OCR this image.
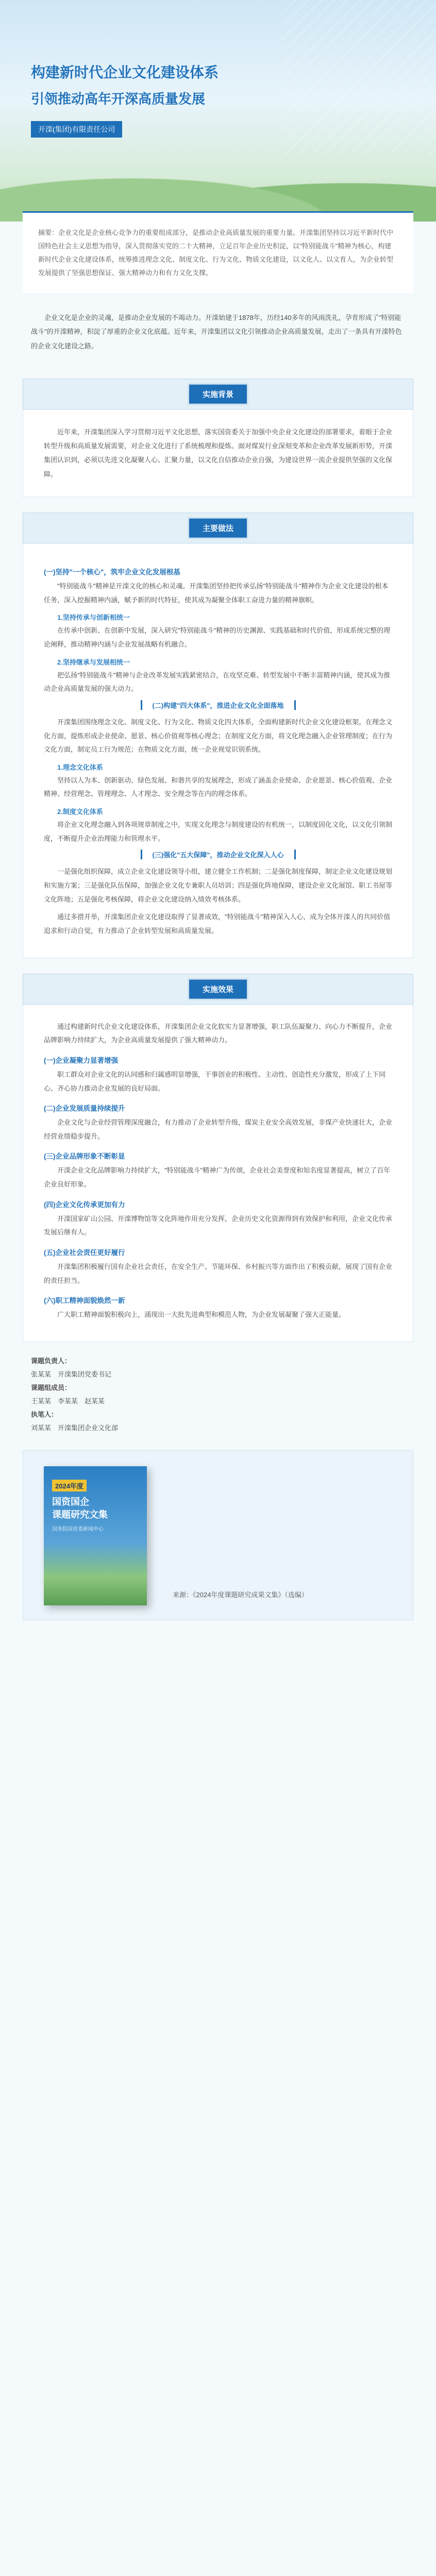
构建新时代企业文化建设体系
引领推动高年开深高质量发展
开滦(集团)有限责任公司
摘要：企业文化是企业核心竞争力的重要组成部分，是推动企业高质量发展的重要力量。开滦集团坚持以习近平新时代中国特色社会主义思想为指导，深入贯彻落实党的二十大精神，立足百年企业历史积淀，以"特别能战斗"精神为核心，构建新时代企业文化建设体系，统筹推进理念文化、制度文化、行为文化、物质文化建设，以文化人、以文育人，为企业转型发展提供了坚强思想保证、强大精神动力和有力文化支撑。
企业文化是企业的灵魂，是推动企业发展的不竭动力。开滦始建于1878年，历经140多年的风雨洗礼，孕育形成了"特别能战斗"的开滦精神，积淀了厚重的企业文化底蕴。近年来，开滦集团以文化引领推动企业高质量发展，走出了一条具有开滦特色的企业文化建设之路。
实施背景
近年来，开滦集团深入学习贯彻习近平文化思想，落实国资委关于加强中央企业文化建设的部署要求，着眼于企业转型升级和高质量发展需要，对企业文化进行了系统梳理和提炼。面对煤炭行业深刻变革和企业改革发展新形势，开滦集团认识到，必须以先进文化凝聚人心、汇聚力量，以文化自信推动企业自强，为建设世界一流企业提供坚强的文化保障。
主要做法
(一)坚持"一个核心"，筑牢企业文化发展根基

"特别能战斗"精神是开滦文化的核心和灵魂。开滦集团坚持把传承弘扬"特别能战斗"精神作为企业文化建设的根本任务，深入挖掘精神内涵，赋予新的时代特征，使其成为凝聚全体职工奋进力量的精神旗帜。

1.坚持传承与创新相统一

在传承中创新、在创新中发展，深入研究"特别能战斗"精神的历史渊源、实践基础和时代价值，形成系统完整的理论阐释，推动精神内涵与企业发展战略有机融合。

2.坚持继承与发展相统一

把弘扬"特别能战斗"精神与企业改革发展实践紧密结合，在攻坚克难、转型发展中不断丰富精神内涵，使其成为推动企业高质量发展的强大动力。

(二)构建"四大体系"，推进企业文化全面落地

开滦集团围绕理念文化、制度文化、行为文化、物质文化四大体系，全面构建新时代企业文化建设框架。在理念文化方面，提炼形成企业使命、愿景、核心价值观等核心理念；在制度文化方面，将文化理念融入企业管理制度；在行为文化方面，制定员工行为规范；在物质文化方面，统一企业视觉识别系统。

1.理念文化体系

坚持以人为本、创新驱动、绿色发展、和谐共享的发展理念，形成了涵盖企业使命、企业愿景、核心价值观、企业精神、经营理念、管理理念、人才理念、安全理念等在内的理念体系。

2.制度文化体系

将企业文化理念融入到各项规章制度之中，实现文化理念与制度建设的有机统一，以制度固化文化，以文化引领制度，不断提升企业治理能力和管理水平。

(三)强化"五大保障"，推动企业文化深入人心

一是强化组织保障，成立企业文化建设领导小组，建立健全工作机制；二是强化制度保障，制定企业文化建设规划和实施方案；三是强化队伍保障，加强企业文化专兼职人员培训；四是强化阵地保障，建设企业文化展馆、职工书屋等文化阵地；五是强化考核保障，将企业文化建设纳入绩效考核体系。

通过多措并举，开滦集团企业文化建设取得了显著成效，"特别能战斗"精神深入人心，成为全体开滦人的共同价值追求和行动自觉，有力推动了企业转型发展和高质量发展。

实施效果

通过构建新时代企业文化建设体系，开滦集团企业文化软实力显著增强，职工队伍凝聚力、向心力不断提升，企业品牌影响力持续扩大，为企业高质量发展提供了强大精神动力。

(一)企业凝聚力显著增强

职工群众对企业文化的认同感和归属感明显增强，干事创业的积极性、主动性、创造性充分激发，形成了上下同心、齐心协力推动企业发展的良好局面。

(二)企业发展质量持续提升

企业文化与企业经营管理深度融合，有力推动了企业转型升级，煤炭主业安全高效发展，非煤产业快速壮大，企业经营业绩稳步提升。

(三)企业品牌形象不断彰显

开滦企业文化品牌影响力持续扩大，"特别能战斗"精神广为传颂，企业社会美誉度和知名度显著提高，树立了百年企业良好形象。

(四)企业文化传承更加有力

开滦国家矿山公园、开滦博物馆等文化阵地作用充分发挥，企业历史文化资源得到有效保护和利用，企业文化传承发展后继有人。

(五)企业社会责任更好履行

开滦集团积极履行国有企业社会责任，在安全生产、节能环保、乡村振兴等方面作出了积极贡献，展现了国有企业的责任担当。

(六)职工精神面貌焕然一新

广大职工精神面貌积极向上，涌现出一大批先进典型和模范人物，为企业发展凝聚了强大正能量。

课题负责人：
张某某　开滦集团党委书记
课题组成员：
王某某　李某某　赵某某
执笔人：
刘某某　开滦集团企业文化部
2024年度
国资国企
课题研究文集
国务院国资委新闻中心
来源：《2024年度课题研究成果文集》（选编）
